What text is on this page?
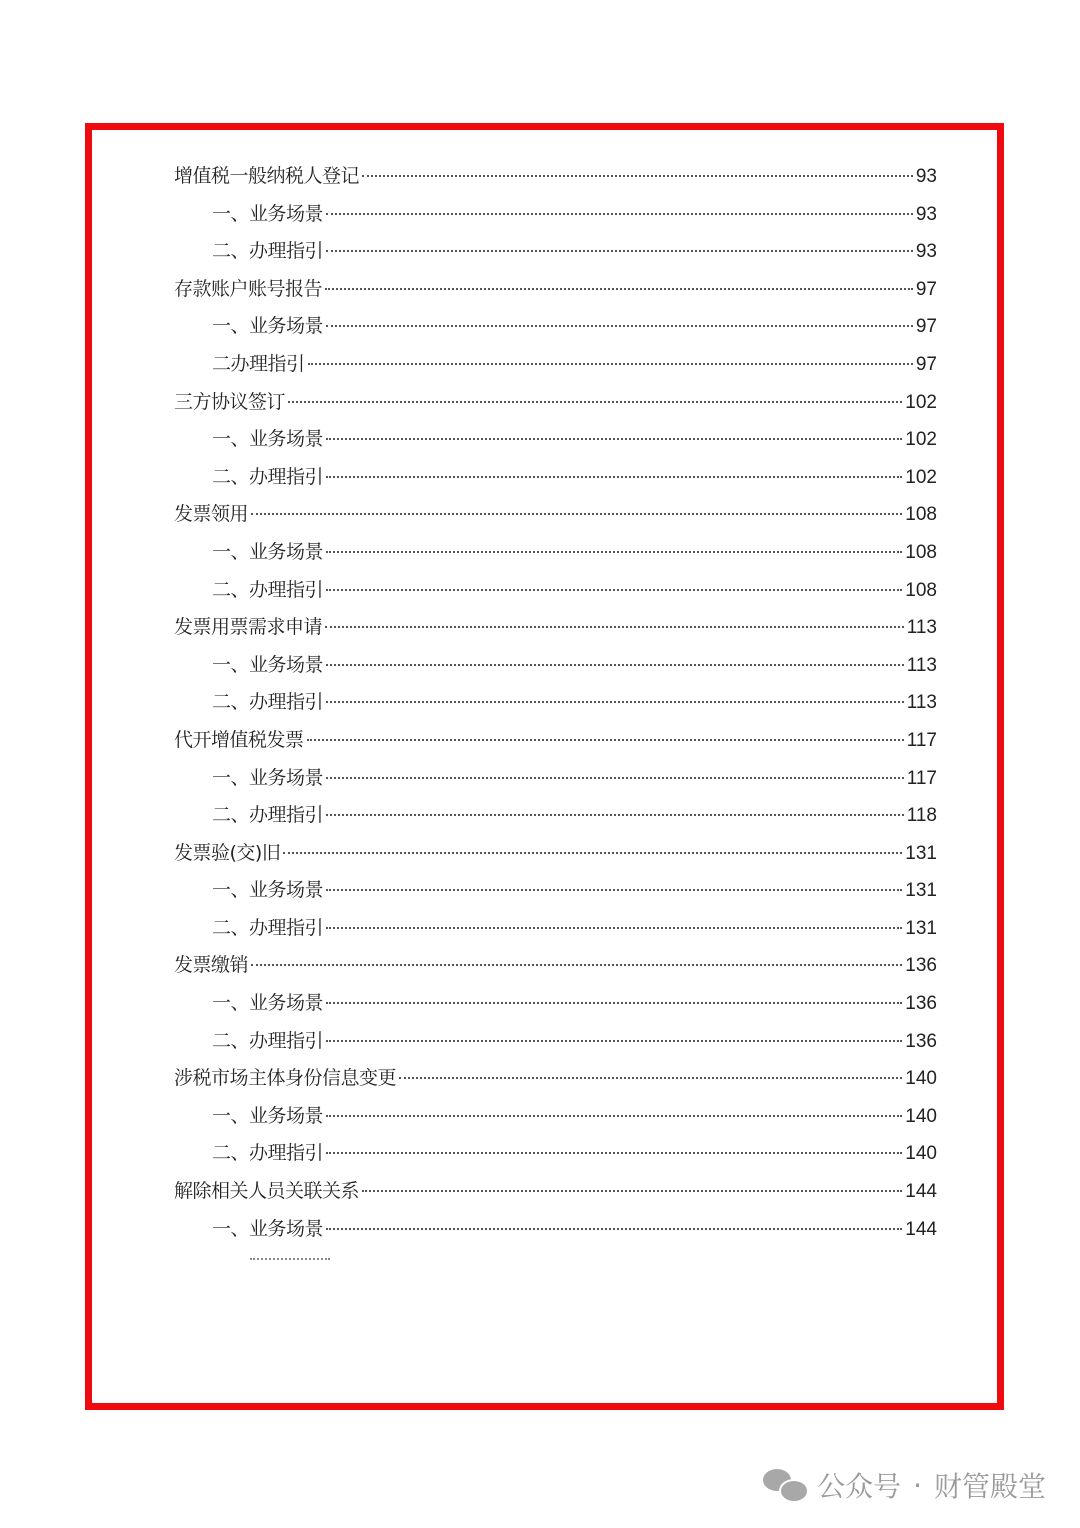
增值税一般纳税人登记	93
一、业务场景	93
二、办理指引	93
存款账户账号报告	97
一、业务场景	97
二办理指引	97
三方协议签订	102
一、业务场景	102
二、办理指引	102
发票领用	108
一、业务场景	108
二、办理指引	108
发票用票需求申请	113
一、业务场景	113
二、办理指引	113
代开增值税发票	117
一、业务场景	117
二、办理指引	118
发票验(交)旧	131
一、业务场景	131
二、办理指引	131
发票缴销	136
一、业务场景	136
二、办理指引	136
涉税市场主体身份信息变更	140
一、业务场景	140
二、办理指引	140
解除相关人员关联关系	144
一、业务场景	144
公众号 · 财管殿堂
